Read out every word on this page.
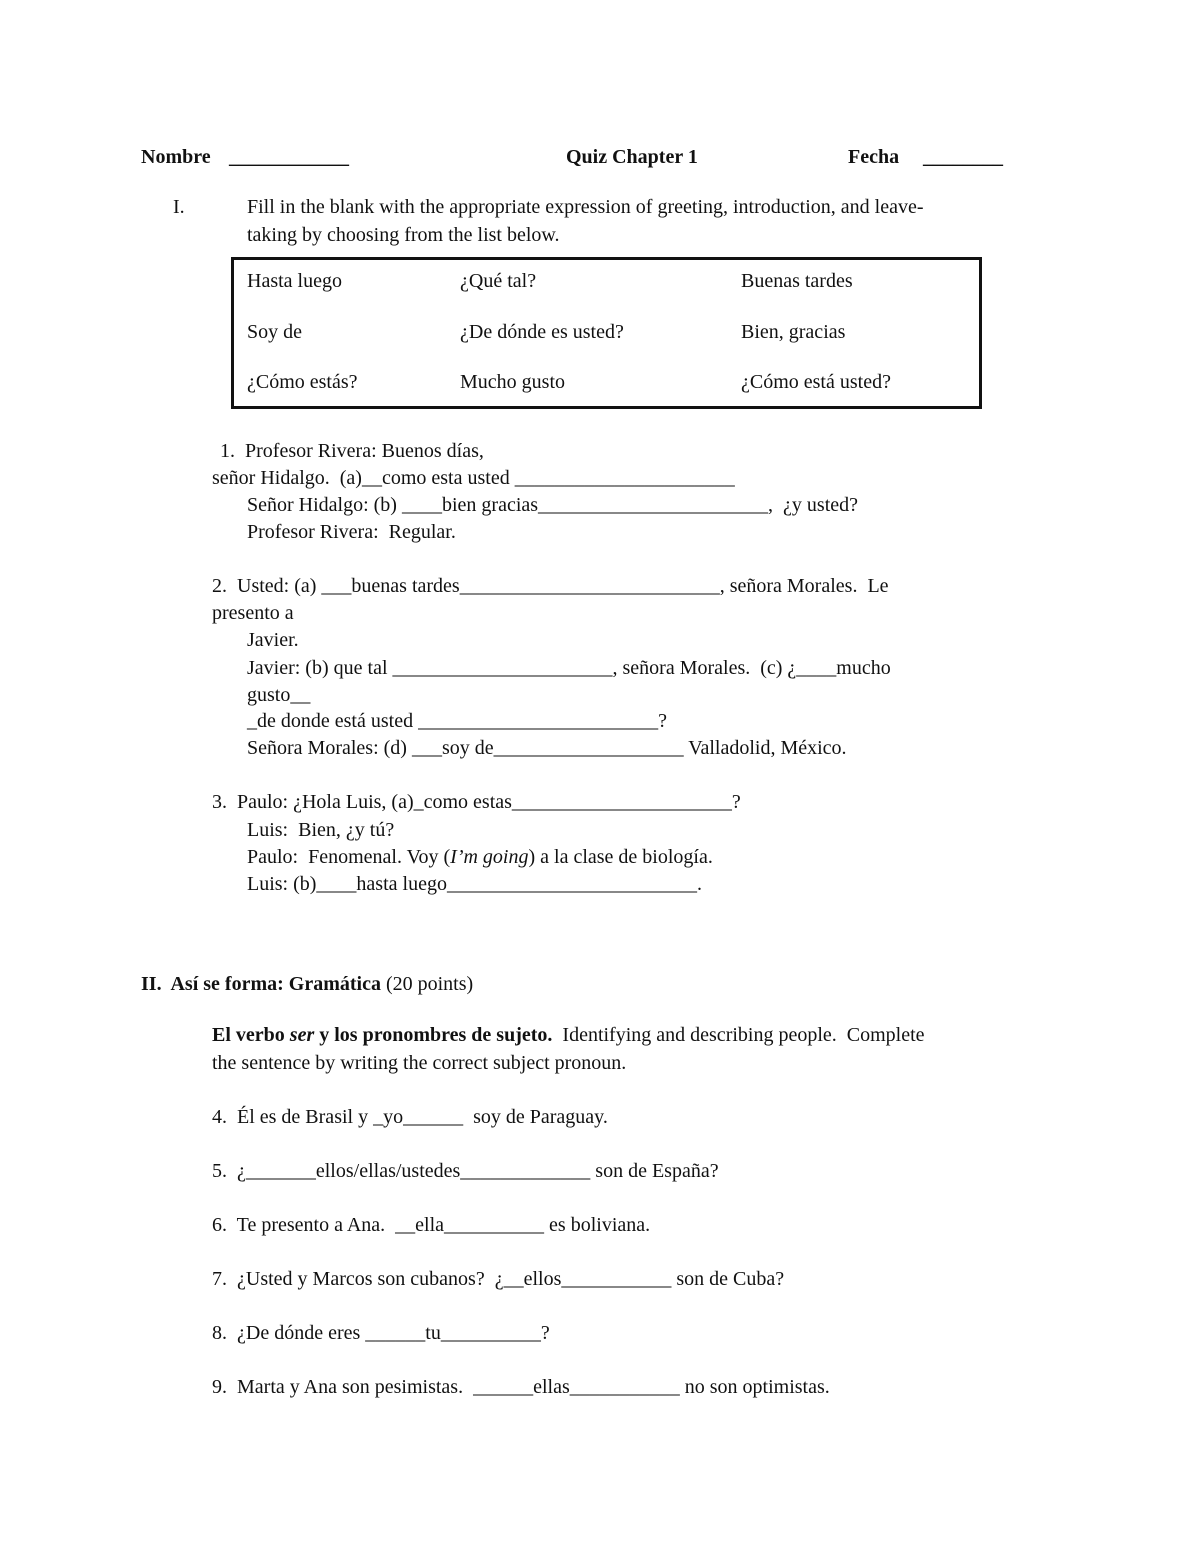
Nombre ____________	Quiz Chapter 1	Fecha ________
I.	Fill in the blank with the appropriate expression of greeting, introduction, and leave-
taking by choosing from the list below.
Hasta luego	¿Qué tal?	Buenas tardes
Soy de	¿De dónde es usted?	Bien, gracias
¿Cómo estás?	Mucho gusto	¿Cómo está usted?
1.  Profesor Rivera: Buenos días,
señor Hidalgo.  (a)__como esta usted ______________________
Señor Hidalgo: (b) ____bien gracias_______________________,  ¿y usted?
Profesor Rivera:  Regular.
2.  Usted: (a) ___buenas tardes__________________________, señora Morales.  Le
presento a
Javier.
Javier: (b) que tal ______________________, señora Morales.  (c) ¿____mucho
gusto__
_de donde está usted ________________________?
Señora Morales: (d) ___soy de___________________ Valladolid, México.
3.  Paulo: ¿Hola Luis, (a)_como estas______________________?
Luis:  Bien, ¿y tú?
Paulo:  Fenomenal. Voy (I’m going) a la clase de biología.
Luis: (b)____hasta luego_________________________.
II.  Así se forma: Gramática (20 points)
El verbo ser y los pronombres de sujeto.  Identifying and describing people.  Complete
the sentence by writing the correct subject pronoun.
4.  Él es de Brasil y _yo______  soy de Paraguay.
5.  ¿_______ellos/ellas/ustedes_____________ son de España?
6.  Te presento a Ana.  __ella__________ es boliviana.
7.  ¿Usted y Marcos son cubanos?  ¿__ellos___________ son de Cuba?
8.  ¿De dónde eres ______tu__________?
9.  Marta y Ana son pesimistas.  ______ellas___________ no son optimistas.
